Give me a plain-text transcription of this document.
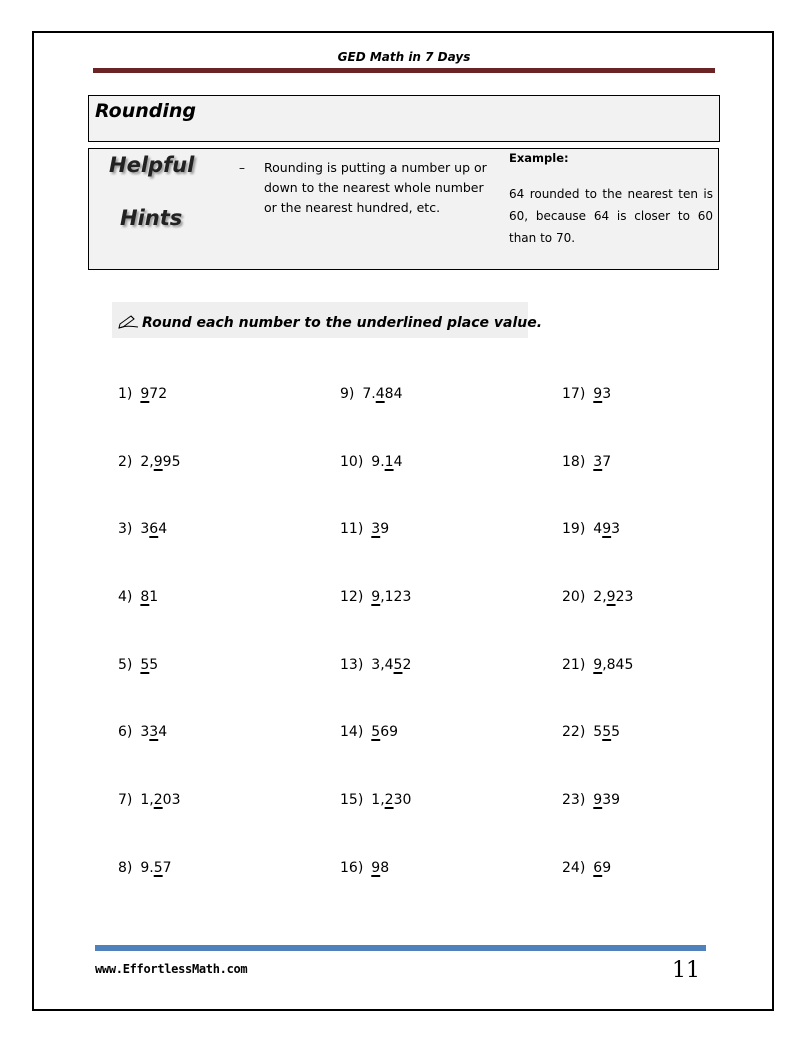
GED Math in 7 Days
Rounding
Helpful
Hints
– Rounding is putting a number up or down to the nearest whole number or the nearest hundred, etc.
Example:
64 rounded to the nearest ten is 60, because 64 is closer to 60 than to 70.
Round each number to the underlined place value.
1) 972
2) 2,995
3) 364
4) 81
5) 55
6) 334
7) 1,203
8) 9.57
9) 7.484
10) 9.14
11) 39
12) 9,123
13) 3,452
14) 569
15) 1,230
16) 98
17) 93
18) 37
19) 493
20) 2,923
21) 9,845
22) 555
23) 939
24) 69
www.EffortlessMath.com	11
